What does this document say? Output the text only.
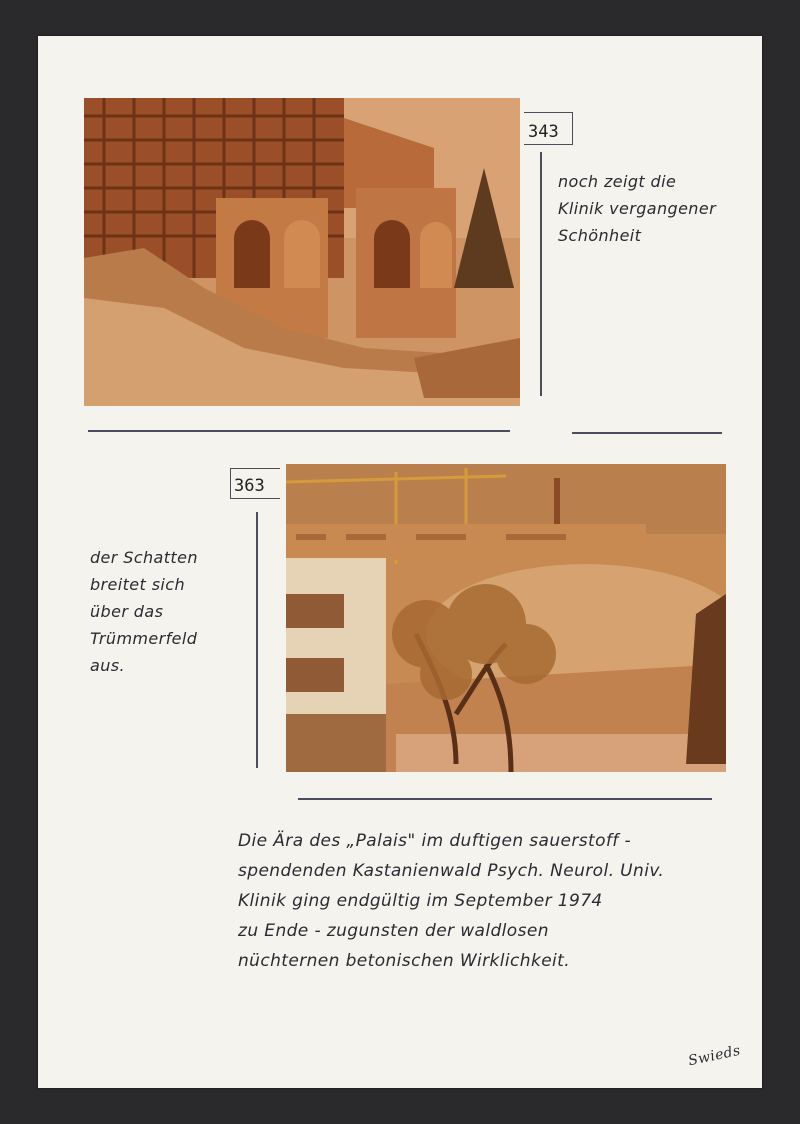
343
noch zeigt die
Klinik vergangener
Schönheit
363
der Schatten
breitet sich
über das
Trümmerfeld
aus.
Die Ära des „Palais" im duftigen sauerstoff -
spendenden Kastanienwald Psych. Neurol. Univ.
Klinik ging endgültig im September 1974
zu Ende - zugunsten der waldlosen
nüchternen betonischen Wirklichkeit.
Swieds
